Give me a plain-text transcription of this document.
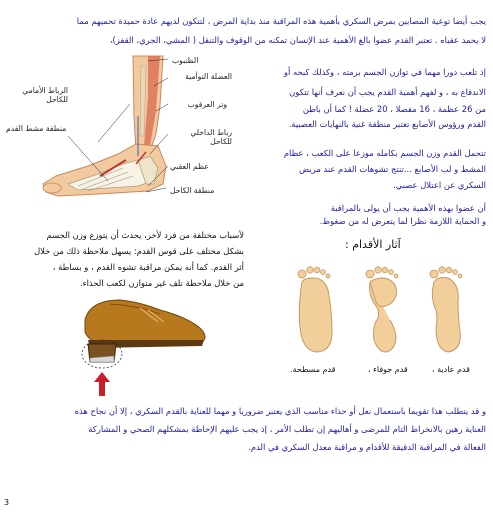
يجب أيضا توعية المصابين بمرض السكري بأهمية هذه المراقبة منذ بداية المرض ، لتتكون لديهم عادة حميدة تحميهم مما
لا يحمد عقباه . تعتبر القدم عضوا بالغ الأهمية عند الإنسان تمكنه من الوقوف والتنقل ( المشي، الجري، القفز)،
الظنبوب
العضلة التوأمية
وتر العرقوب
رباط الداخلي للكاحل
عظم العقبي
منطقة الكاحل
الرباط الأمامي للكاحل
منطقة مشط القدم
إذ تلعب دورا مهما في توازن الجسم برمته ، وكذلك كبحه أو
الاندفاع به ، و لفهم أهمية القدم يجب أن نعرف أنها تتكون
من 26 عظمة ، 16 مفصلا ، 20 عضلة ! كما أن باطن
القدم ورؤوس الأصابع تعتبر منطقة غنية بالنهايات العصبية.
تتحمل القدم وزن الجسم بكامله موزعا على الكعب ، عظام
المشط و لب الأصابع ...تنتج تشوهات القدم عند مريض
السكري عن اعتلال عصبي.
أن عضوا بهذه الأهمية يجب أن يولى بالمراقبة
و الحماية اللازمة نظرا لما يتعرض له من ضغوط.
لأسباب مختلفة من فرد لأخر، يحدث أن يتوزع وزن الجسم
بشكل مختلف على قوس القدم: يسهل ملاحظة ذلك من خلال
أثر القدم. كما أنه يمكن مراقبة تشوه القدم ، و بساطة ،
من خلال ملاحظة تلف غير متوازن لكعب الحذاء.
آثار الأقدام :
قدم مسطحة.	قدم جوفاء ،	قدم عادية ،
و قد يتطلب هذا تقويما باستعمال نعل أو حذاء مناسب الذي يعتبر ضروريا و مهما للعناية بالقدم السكري ، إلا أن نجاح هذه
العناية رهين بالانخراط التام للمرضى و أهاليهم إن تطلب الأمر ، إذ يجب عليهم الإحاطة بمشكلهم الصحي و المشاركة
الفعالة في المراقبة الدقيقة للأقدام و مراقبة معدل السكري في الدم.
3
